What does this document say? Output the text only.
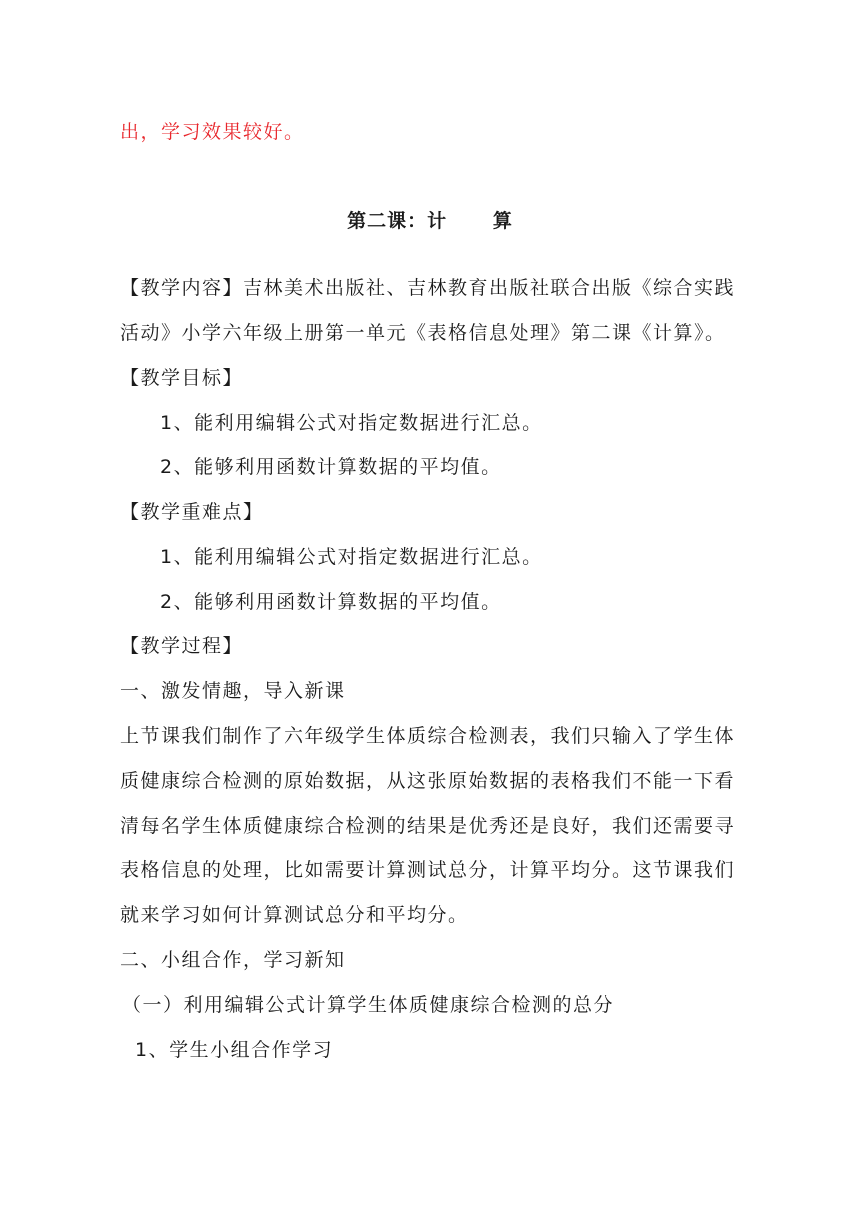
出，学习效果较好。
第二课：计      算
【教学内容】吉林美术出版社、吉林教育出版社联合出版《综合实践
活动》小学六年级上册第一单元《表格信息处理》第二课《计算》。
【教学目标】
1、能利用编辑公式对指定数据进行汇总。
2、能够利用函数计算数据的平均值。
【教学重难点】
1、能利用编辑公式对指定数据进行汇总。
2、能够利用函数计算数据的平均值。
【教学过程】
一、激发情趣，导入新课
上节课我们制作了六年级学生体质综合检测表，我们只输入了学生体
质健康综合检测的原始数据，从这张原始数据的表格我们不能一下看
清每名学生体质健康综合检测的结果是优秀还是良好，我们还需要寻
表格信息的处理，比如需要计算测试总分，计算平均分。这节课我们
就来学习如何计算测试总分和平均分。
二、小组合作，学习新知
（一）利用编辑公式计算学生体质健康综合检测的总分
1、学生小组合作学习
